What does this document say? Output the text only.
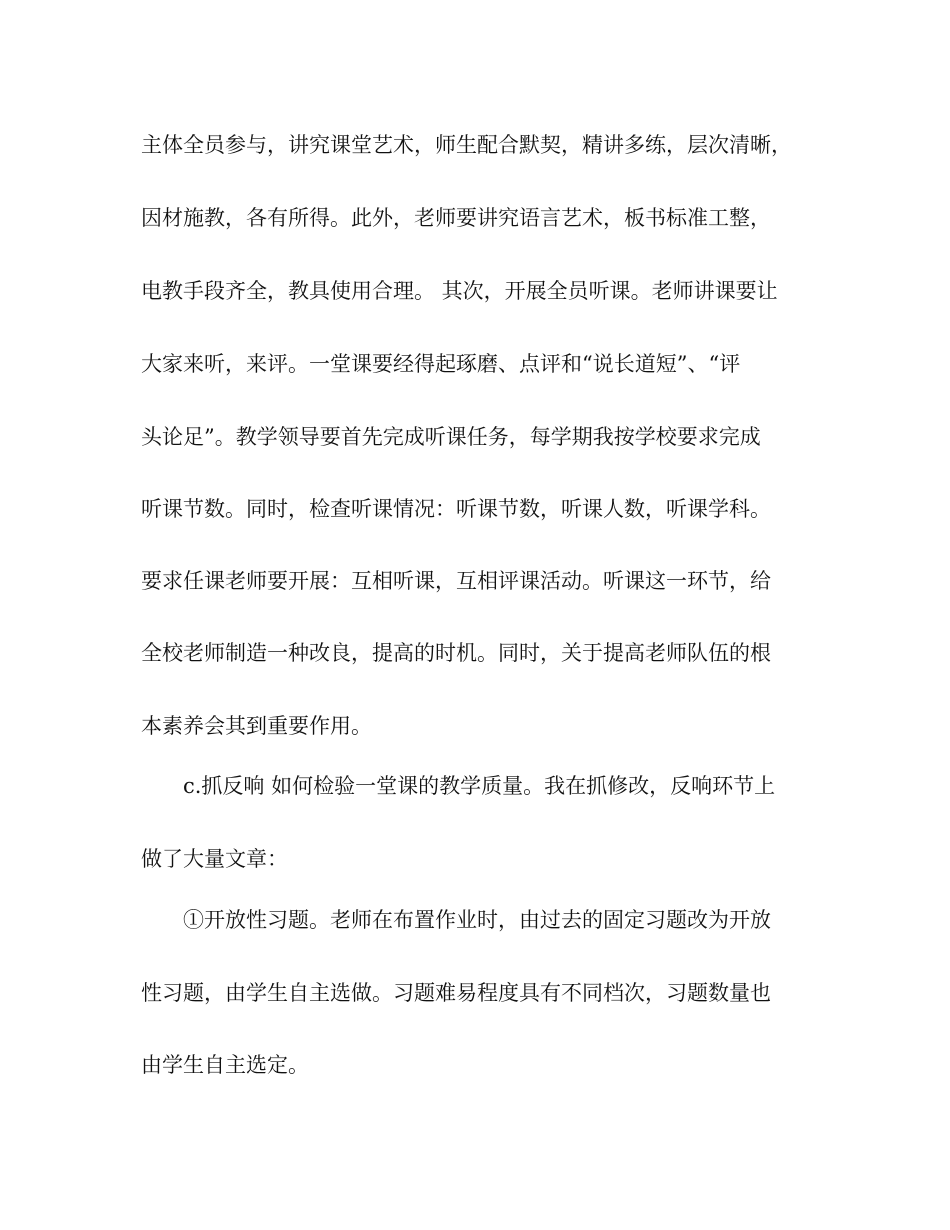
主体全员参与，讲究课堂艺术，师生配合默契，精讲多练，层次清晰，
因材施教，各有所得。此外，老师要讲究语言艺术，板书标准工整，
电教手段齐全，教具使用合理。 其次，开展全员听课。老师讲课要让
大家来听，来评。一堂课要经得起琢磨、点评和“说长道短”、“评
头论足”。教学领导要首先完成听课任务，每学期我按学校要求完成
听课节数。同时，检查听课情况：听课节数，听课人数，听课学科。
要求任课老师要开展：互相听课，互相评课活动。听课这一环节，给
全校老师制造一种改良，提高的时机。同时，关于提高老师队伍的根
本素养会其到重要作用。
c.抓反响 如何检验一堂课的教学质量。我在抓修改，反响环节上
做了大量文章：
①开放性习题。老师在布置作业时，由过去的固定习题改为开放
性习题，由学生自主选做。习题难易程度具有不同档次，习题数量也
由学生自主选定。
